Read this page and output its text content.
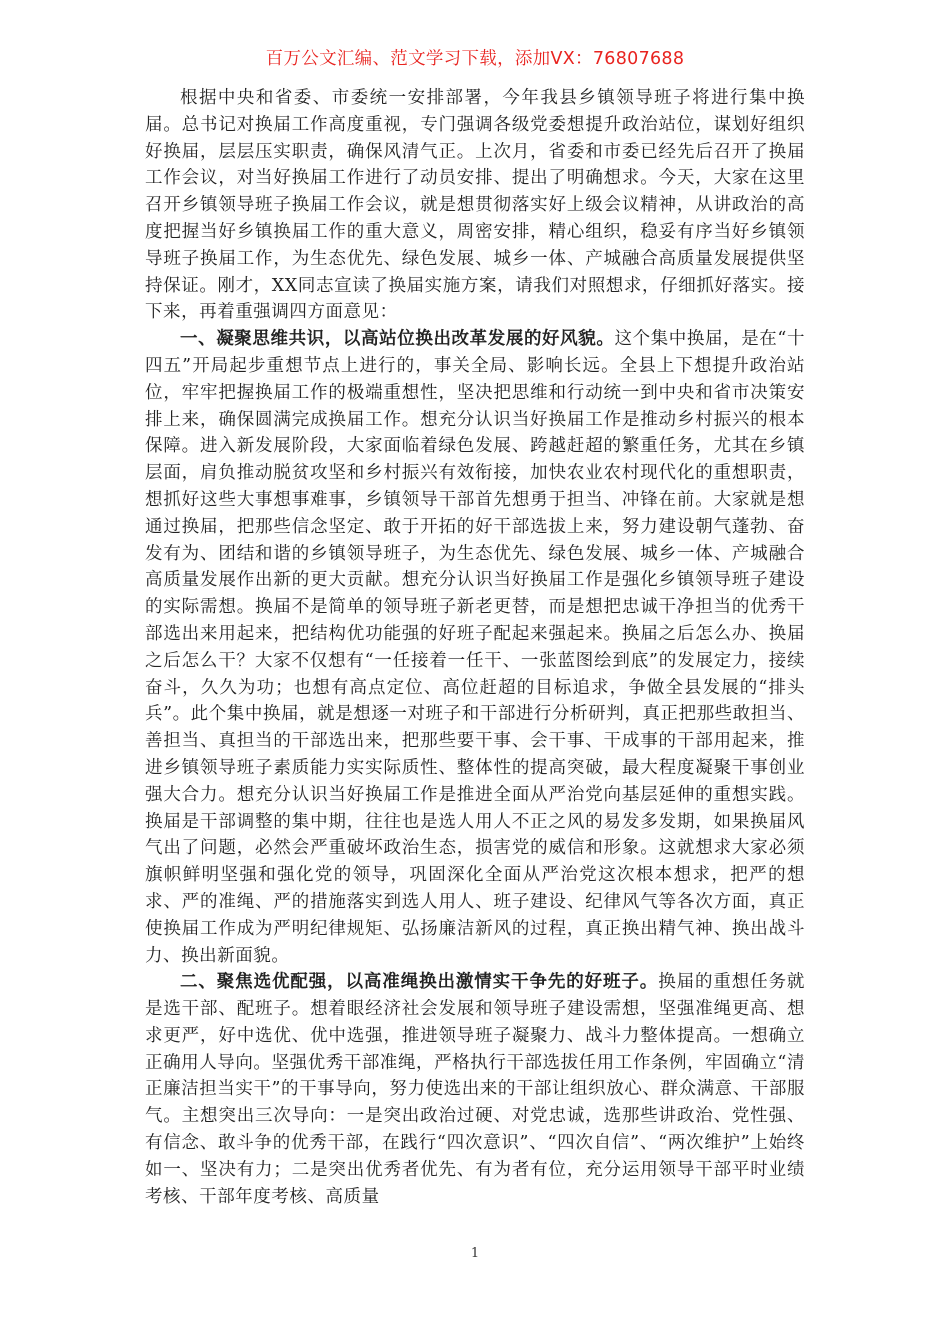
百万公文汇编、范文学习下载，添加VX：76807688

根据中央和省委、市委统一安排部署，今年我县乡镇领导班子将进行集中换届。总书记对换届工作高度重视，专门强调各级党委想提升政治站位，谋划好组织好换届，层层压实职责，确保风清气正。上次月，省委和市委已经先后召开了换届工作会议，对当好换届工作进行了动员安排、提出了明确想求。今天，大家在这里召开乡镇领导班子换届工作会议，就是想贯彻落实好上级会议精神，从讲政治的高度把握当好乡镇换届工作的重大意义，周密安排，精心组织，稳妥有序当好乡镇领导班子换届工作，为生态优先、绿色发展、城乡一体、产城融合高质量发展提供坚持保证。刚才，XX同志宣读了换届实施方案，请我们对照想求，仔细抓好落实。接下来，再着重强调四方面意见：

一、凝聚思维共识，以高站位换出改革发展的好风貌。这个集中换届，是在“十四五”开局起步重想节点上进行的，事关全局、影响长远。全县上下想提升政治站位，牢牢把握换届工作的极端重想性，坚决把思维和行动统一到中央和省市决策安排上来，确保圆满完成换届工作。想充分认识当好换届工作是推动乡村振兴的根本保障。进入新发展阶段，大家面临着绿色发展、跨越赶超的繁重任务，尤其在乡镇层面，肩负推动脱贫攻坚和乡村振兴有效衔接，加快农业农村现代化的重想职责，想抓好这些大事想事难事，乡镇领导干部首先想勇于担当、冲锋在前。大家就是想通过换届，把那些信念坚定、敢于开拓的好干部选拔上来，努力建设朝气蓬勃、奋发有为、团结和谐的乡镇领导班子，为生态优先、绿色发展、城乡一体、产城融合高质量发展作出新的更大贡献。想充分认识当好换届工作是强化乡镇领导班子建设的实际需想。换届不是简单的领导班子新老更替，而是想把忠诚干净担当的优秀干部选出来用起来，把结构优功能强的好班子配起来强起来。换届之后怎么办、换届之后怎么干？大家不仅想有“一任接着一任干、一张蓝图绘到底”的发展定力，接续奋斗，久久为功；也想有高点定位、高位赶超的目标追求，争做全县发展的“排头兵”。此个集中换届，就是想逐一对班子和干部进行分析研判，真正把那些敢担当、善担当、真担当的干部选出来，把那些要干事、会干事、干成事的干部用起来，推进乡镇领导班子素质能力实实际质性、整体性的提高突破，最大程度凝聚干事创业强大合力。想充分认识当好换届工作是推进全面从严治党向基层延伸的重想实践。换届是干部调整的集中期，往往也是选人用人不正之风的易发多发期，如果换届风气出了问题，必然会严重破坏政治生态，损害党的威信和形象。这就想求大家必须旗帜鲜明坚强和强化党的领导，巩固深化全面从严治党这次根本想求，把严的想求、严的准绳、严的措施落实到选人用人、班子建设、纪律风气等各次方面，真正使换届工作成为严明纪律规矩、弘扬廉洁新风的过程，真正换出精气神、换出战斗力、换出新面貌。

二、聚焦选优配强，以高准绳换出激情实干争先的好班子。换届的重想任务就是选干部、配班子。想着眼经济社会发展和领导班子建设需想，坚强准绳更高、想求更严，好中选优、优中选强，推进领导班子凝聚力、战斗力整体提高。一想确立正确用人导向。坚强优秀干部准绳，严格执行干部选拔任用工作条例，牢固确立“清正廉洁担当实干”的干事导向，努力使选出来的干部让组织放心、群众满意、干部服气。主想突出三次导向：一是突出政治过硬、对党忠诚，选那些讲政治、党性强、有信念、敢斗争的优秀干部，在践行“四次意识”、“四次自信”、“两次维护”上始终如一、坚决有力；二是突出优秀者优先、有为者有位，充分运用领导干部平时业绩考核、干部年度考核、高质量

1
